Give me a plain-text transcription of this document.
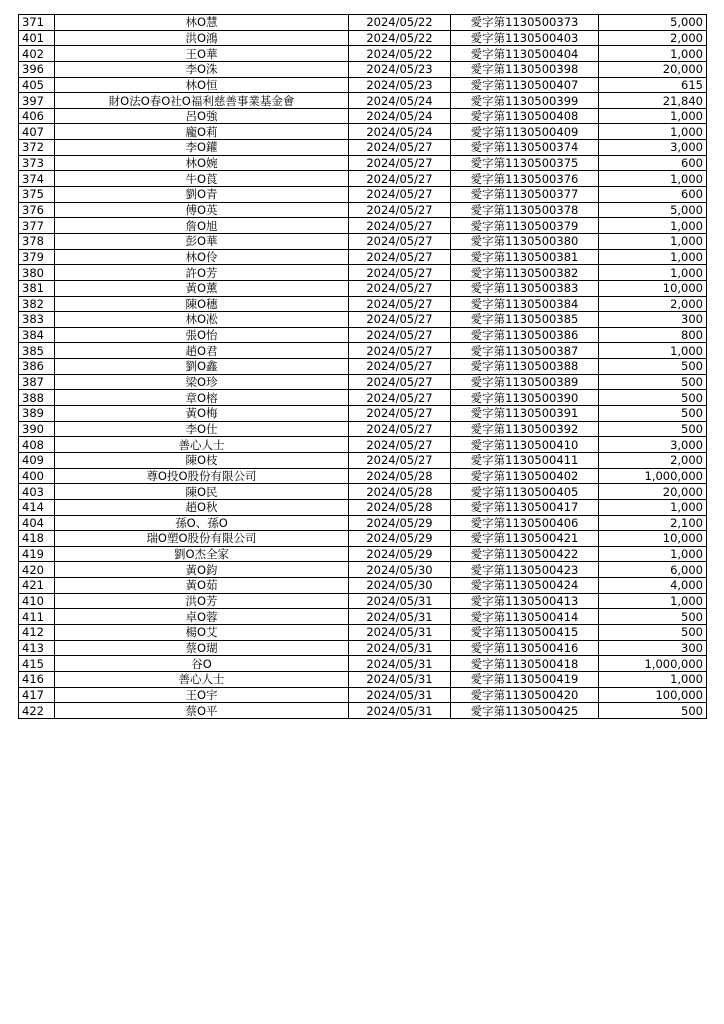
371	林O慧	2024/05/22	愛字第1130500373	5,000
401	洪O鴻	2024/05/22	愛字第1130500403	2,000
402	王O華	2024/05/22	愛字第1130500404	1,000
396	李O洙	2024/05/23	愛字第1130500398	20,000
405	林O恒	2024/05/23	愛字第1130500407	615
397	財O法O春O社O福利慈善事業基金會	2024/05/24	愛字第1130500399	21,840
406	呂O強	2024/05/24	愛字第1130500408	1,000
407	龐O莉	2024/05/24	愛字第1130500409	1,000
372	李O鑵	2024/05/27	愛字第1130500374	3,000
373	林O婉	2024/05/27	愛字第1130500375	600
374	牛O莨	2024/05/27	愛字第1130500376	1,000
375	劉O青	2024/05/27	愛字第1130500377	600
376	傅O英	2024/05/27	愛字第1130500378	5,000
377	詹O旭	2024/05/27	愛字第1130500379	1,000
378	彭O華	2024/05/27	愛字第1130500380	1,000
379	林O伶	2024/05/27	愛字第1130500381	1,000
380	許O芳	2024/05/27	愛字第1130500382	1,000
381	黃O薰	2024/05/27	愛字第1130500383	10,000
382	陳O穗	2024/05/27	愛字第1130500384	2,000
383	林O凇	2024/05/27	愛字第1130500385	300
384	張O怡	2024/05/27	愛字第1130500386	800
385	趙O君	2024/05/27	愛字第1130500387	1,000
386	劉O鑫	2024/05/27	愛字第1130500388	500
387	梁O珍	2024/05/27	愛字第1130500389	500
388	章O榕	2024/05/27	愛字第1130500390	500
389	黃O梅	2024/05/27	愛字第1130500391	500
390	李O仕	2024/05/27	愛字第1130500392	500
408	善心人士	2024/05/27	愛字第1130500410	3,000
409	陳O枝	2024/05/27	愛字第1130500411	2,000
400	尊O投O股份有限公司	2024/05/28	愛字第1130500402	1,000,000
403	陳O民	2024/05/28	愛字第1130500405	20,000
414	趙O秋	2024/05/28	愛字第1130500417	1,000
404	孫O、孫O	2024/05/29	愛字第1130500406	2,100
418	瑞O塑O股份有限公司	2024/05/29	愛字第1130500421	10,000
419	劉O杰全家	2024/05/29	愛字第1130500422	1,000
420	黃O鈞	2024/05/30	愛字第1130500423	6,000
421	黃O茹	2024/05/30	愛字第1130500424	4,000
410	洪O芳	2024/05/31	愛字第1130500413	1,000
411	卓O蓉	2024/05/31	愛字第1130500414	500
412	楊O艾	2024/05/31	愛字第1130500415	500
413	蔡O瑚	2024/05/31	愛字第1130500416	300
415	谷O	2024/05/31	愛字第1130500418	1,000,000
416	善心人士	2024/05/31	愛字第1130500419	1,000
417	王O宇	2024/05/31	愛字第1130500420	100,000
422	蔡O平	2024/05/31	愛字第1130500425	500
